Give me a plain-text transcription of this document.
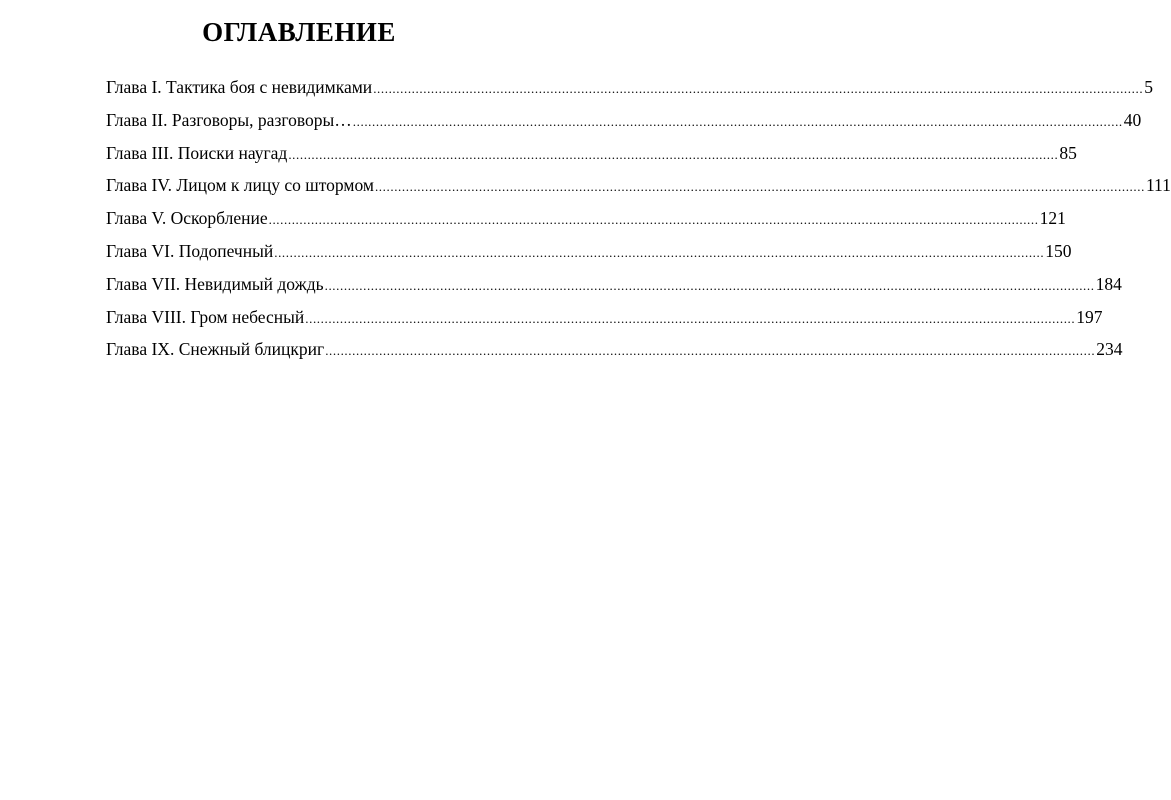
ОГЛАВЛЕНИЕ
Глава I. Тактика боя с невидимками ........................................................................................................................................................................................................ 5
Глава II. Разговоры, разговоры… ........................................................................................................................................................................................................ 40
Глава III. Поиски наугад ........................................................................................................................................................................................................ 85
Глава IV. Лицом к лицу со штормом ........................................................................................................................................................................................................ 111
Глава V. Оскорбление ........................................................................................................................................................................................................ 121
Глава VI. Подопечный ........................................................................................................................................................................................................ 150
Глава VII. Невидимый дождь ........................................................................................................................................................................................................ 184
Глава VIII. Гром небесный ........................................................................................................................................................................................................ 197
Глава IX. Снежный блицкриг ........................................................................................................................................................................................................ 234
